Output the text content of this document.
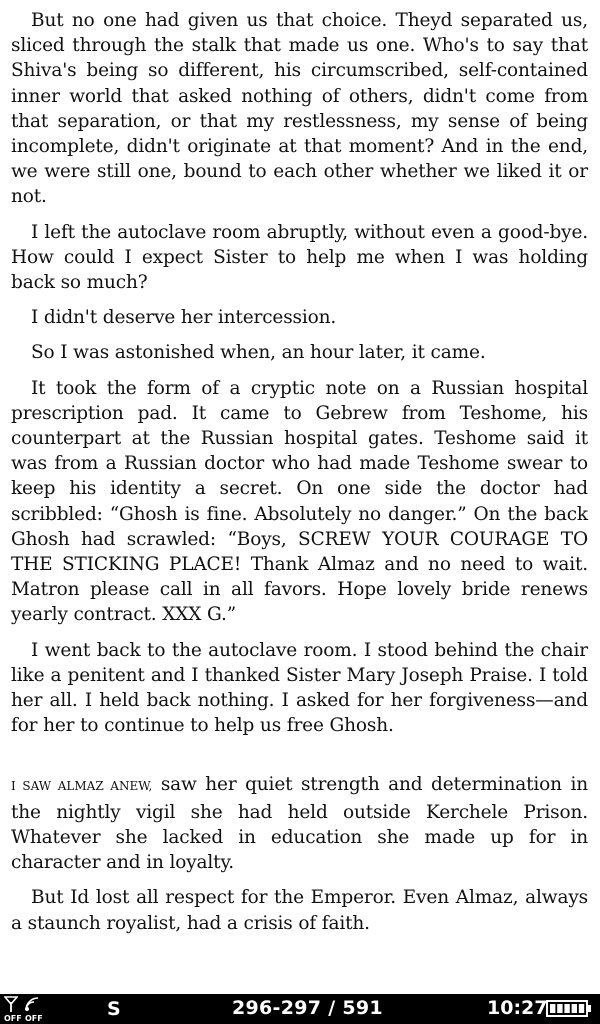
But no one had given us that choice. Theyd separated us, sliced through the stalk that made us one. Who's to say that Shiva's being so different, his circumscribed, self-contained inner world that asked nothing of others, didn't come from that separation, or that my restlessness, my sense of being incomplete, didn't originate at that moment? And in the end, we were still one, bound to each other whether we liked it or not.

I left the autoclave room abruptly, without even a good-bye. How could I expect Sister to help me when I was holding back so much?

I didn't deserve her intercession.

So I was astonished when, an hour later, it came.

It took the form of a cryptic note on a Russian hospital prescription pad. It came to Gebrew from Teshome, his counterpart at the Russian hospital gates. Teshome said it was from a Russian doctor who had made Teshome swear to keep his identity a secret. On one side the doctor had scribbled: “Ghosh is fine. Absolutely no danger.” On the back Ghosh had scrawled: “Boys, SCREW YOUR COURAGE TO THE STICKING PLACE! Thank Almaz and no need to wait. Matron please call in all favors. Hope lovely bride renews yearly contract. XXX G.”

I went back to the autoclave room. I stood behind the chair like a penitent and I thanked Sister Mary Joseph Praise. I told her all. I held back nothing. I asked for her forgiveness—and for her to continue to help us free Ghosh.

I SAW ALMAZ ANEW, saw her quiet strength and determination in the nightly vigil she had held outside Kerchele Prison. Whatever she lacked in education she made up for in character and in loyalty.

But Id lost all respect for the Emperor. Even Almaz, always a staunch royalist, had a crisis of faith.

OFF OFF	S	296-297 / 591	10:27
